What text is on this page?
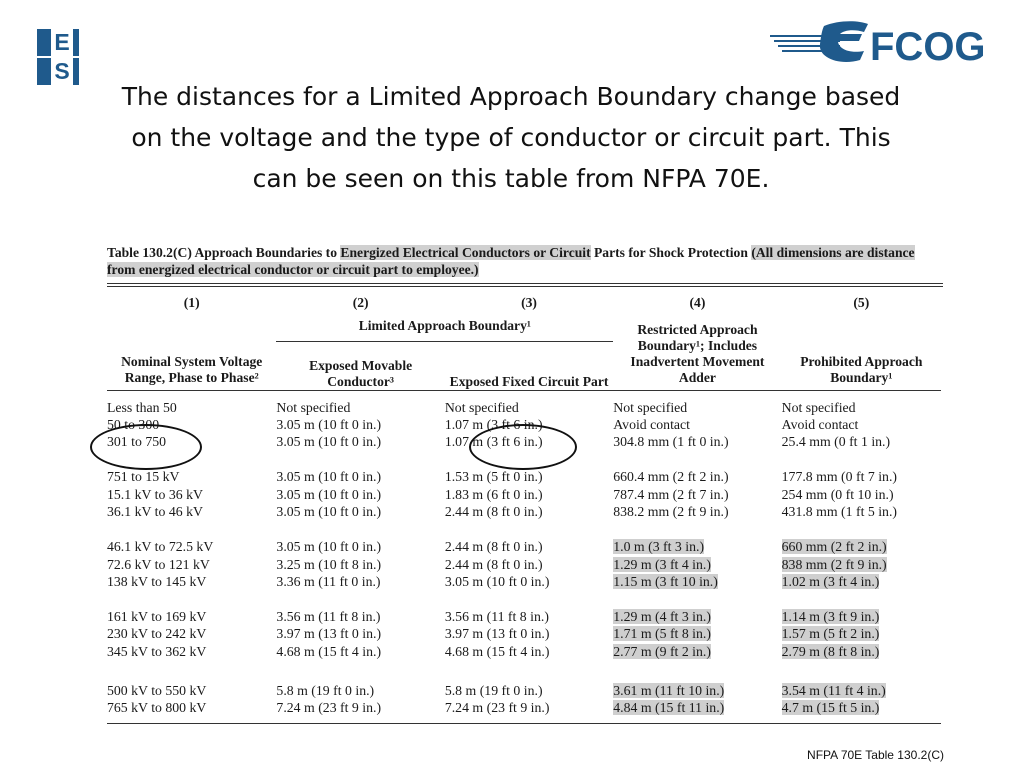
E
S
FCOG
The distances for a Limited Approach Boundary change based on the voltage and the type of conductor or circuit part. This can be seen on this table from NFPA 70E.
Table 130.2(C) Approach Boundaries to Energized Electrical Conductors or Circuit Parts for Shock Protection (All dimensions are distance from energized electrical conductor or circuit part to employee.)
(1)	(2)	(3)	(4)	(5)
Nominal System Voltage Range, Phase to Phase²	Limited Approach Boundary¹		Restricted Approach Boundary¹; Includes Inadvertent Movement Adder	Prohibited Approach Boundary¹
	Exposed Movable Conductor³	Exposed Fixed Circuit Part		

Less than 50	Not specified	Not specified	Not specified	Not specified
50 to 300	3.05 m (10 ft 0 in.)	1.07 m (3 ft 6 in.)	Avoid contact	Avoid contact
301 to 750	3.05 m (10 ft 0 in.)	1.07 m (3 ft 6 in.)	304.8 mm (1 ft 0 in.)	25.4 mm (0 ft 1 in.)

751 to 15 kV	3.05 m (10 ft 0 in.)	1.53 m (5 ft 0 in.)	660.4 mm (2 ft 2 in.)	177.8 mm (0 ft 7 in.)
15.1 kV to 36 kV	3.05 m (10 ft 0 in.)	1.83 m (6 ft 0 in.)	787.4 mm (2 ft 7 in.)	254 mm (0 ft 10 in.)
36.1 kV to 46 kV	3.05 m (10 ft 0 in.)	2.44 m (8 ft 0 in.)	838.2 mm (2 ft 9 in.)	431.8 mm (1 ft 5 in.)

46.1 kV to 72.5 kV	3.05 m (10 ft 0 in.)	2.44 m (8 ft 0 in.)	1.0 m (3 ft 3 in.)	660 mm (2 ft 2 in.)
72.6 kV to 121 kV	3.25 m (10 ft 8 in.)	2.44 m (8 ft 0 in.)	1.29 m (3 ft 4 in.)	838 mm (2 ft 9 in.)
138 kV to 145 kV	3.36 m (11 ft 0 in.)	3.05 m (10 ft 0 in.)	1.15 m (3 ft 10 in.)	1.02 m (3 ft 4 in.)

161 kV to 169 kV	3.56 m (11 ft 8 in.)	3.56 m (11 ft 8 in.)	1.29 m (4 ft 3 in.)	1.14 m (3 ft 9 in.)
230 kV to 242 kV	3.97 m (13 ft 0 in.)	3.97 m (13 ft 0 in.)	1.71 m (5 ft 8 in.)	1.57 m (5 ft 2 in.)
345 kV to 362 kV	4.68 m (15 ft 4 in.)	4.68 m (15 ft 4 in.)	2.77 m (9 ft 2 in.)	2.79 m (8 ft 8 in.)

500 kV to 550 kV	5.8 m (19 ft 0 in.)	5.8 m (19 ft 0 in.)	3.61 m (11 ft 10 in.)	3.54 m (11 ft 4 in.)
765 kV to 800 kV	7.24 m (23 ft 9 in.)	7.24 m (23 ft 9 in.)	4.84 m (15 ft 11 in.)	4.7 m (15 ft 5 in.)
NFPA 70E Table 130.2(C)
